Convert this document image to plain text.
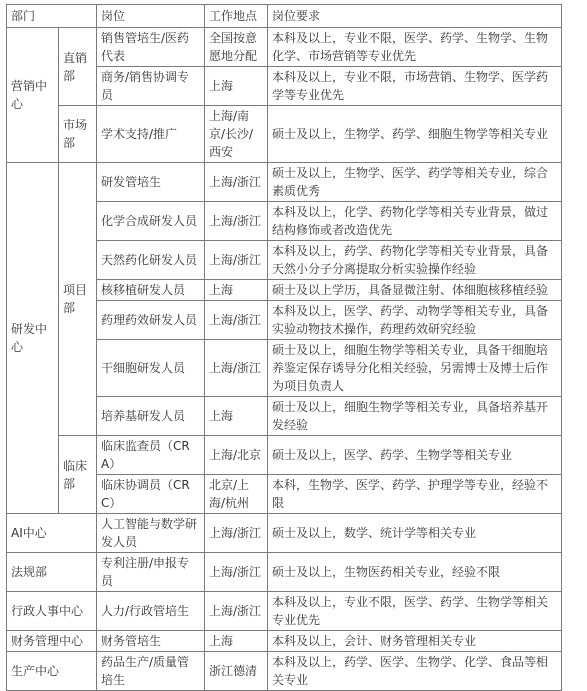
部门		岗位	工作地点	岗位要求
营销中心	直销部	销售管培生/医药代表	全国按意愿地分配	本科及以上，专业不限，医学、药学、生物学、生物化学、市场营销等专业优先
		商务/销售协调专员	上海	本科及以上，专业不限，市场营销、生物学、医学药学等专业优先
	市场部	学术支持/推广	上海/南京/长沙/西安	硕士及以上，生物学、药学、细胞生物学等相关专业
研发中心	项目部	研发管培生	上海/浙江	硕士及以上，生物学、医学、药学等相关专业，综合素质优秀
		化学合成研发人员	上海/浙江	本科及以上，化学、药物化学等相关专业背景，做过结构修饰或者改造优先
		天然药化研发人员	上海/浙江	本科及以上，药学、药物化学等相关专业背景，具备天然小分子分离提取分析实验操作经验
		核移植研发人员	上海	硕士及以上学历，具备显微注射、体细胞核移植经验
		药理药效研发人员	上海/浙江	本科及以上，医学、药学、动物学等相关专业，具备实验动物技术操作，药理药效研究经验
		干细胞研发人员	上海/浙江	硕士及以上，细胞生物学等相关专业，具备干细胞培养鉴定保存诱导分化相关经验，另需博士及博士后作为项目负责人
		培养基研发人员	上海	硕士及以上，细胞生物学等相关专业，具备培养基开发经验
	临床部	临床监查员（CRA）	上海/北京	硕士及以上，医学、药学、生物学等相关专业
		临床协调员（CRC）	北京/上海/杭州	本科，生物学、医学、药学、护理学等专业，经验不限
AI中心		人工智能与数学研发人员	上海/浙江	硕士及以上，数学、统计学等相关专业
法规部		专利注册/申报专员	上海/浙江	硕士及以上，生物医药相关专业，经验不限
行政人事中心		人力/行政管培生	上海/浙江	本科及以上，专业不限，医学、药学、生物学等相关专业优先
财务管理中心		财务管培生	上海	本科及以上，会计、财务管理相关专业
生产中心		药品生产/质量管培生	浙江德清	本科及以上，药学、医学、生物学、化学、食品等相关专业
